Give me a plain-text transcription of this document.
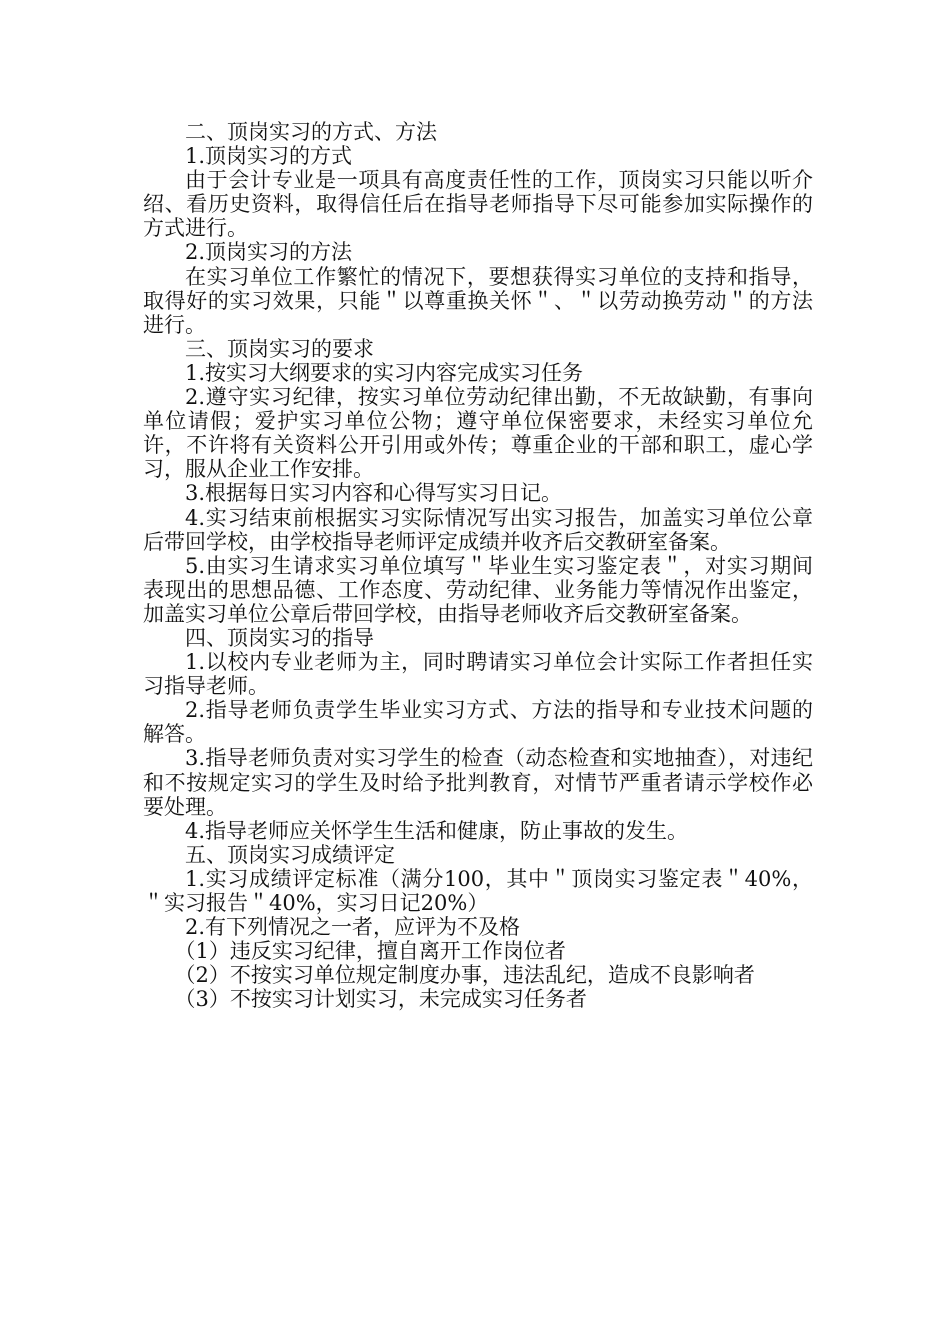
二、顶岗实习的方式、方法

1.顶岗实习的方式

由于会计专业是一项具有高度责任性的工作，顶岗实习只能以听介绍、看历史资料，取得信任后在指导老师指导下尽可能参加实际操作的方式进行。

2.顶岗实习的方法

在实习单位工作繁忙的情况下，要想获得实习单位的支持和指导，取得好的实习效果，只能＂以尊重换关怀＂、＂以劳动换劳动＂的方法进行。

三、顶岗实习的要求

1.按实习大纲要求的实习内容完成实习任务

2.遵守实习纪律，按实习单位劳动纪律出勤，不无故缺勤，有事向单位请假；爱护实习单位公物；遵守单位保密要求，未经实习单位允许，不许将有关资料公开引用或外传；尊重企业的干部和职工，虚心学习，服从企业工作安排。

3.根据每日实习内容和心得写实习日记。

4.实习结束前根据实习实际情况写出实习报告，加盖实习单位公章后带回学校，由学校指导老师评定成绩并收齐后交教研室备案。

5.由实习生请求实习单位填写＂毕业生实习鉴定表＂，对实习期间表现出的思想品德、工作态度、劳动纪律、业务能力等情况作出鉴定，加盖实习单位公章后带回学校，由指导老师收齐后交教研室备案。

四、顶岗实习的指导

1.以校内专业老师为主，同时聘请实习单位会计实际工作者担任实习指导老师。

2.指导老师负责学生毕业实习方式、方法的指导和专业技术问题的解答。

3.指导老师负责对实习学生的检查（动态检查和实地抽查），对违纪和不按规定实习的学生及时给予批判教育，对情节严重者请示学校作必要处理。

4.指导老师应关怀学生生活和健康，防止事故的发生。

五、顶岗实习成绩评定

1.实习成绩评定标准（满分100，其中＂顶岗实习鉴定表＂40%，＂实习报告＂40%，实习日记20%）

2.有下列情况之一者，应评为不及格

（1）违反实习纪律，擅自离开工作岗位者

（2）不按实习单位规定制度办事，违法乱纪，造成不良影响者

（3）不按实习计划实习，未完成实习任务者
